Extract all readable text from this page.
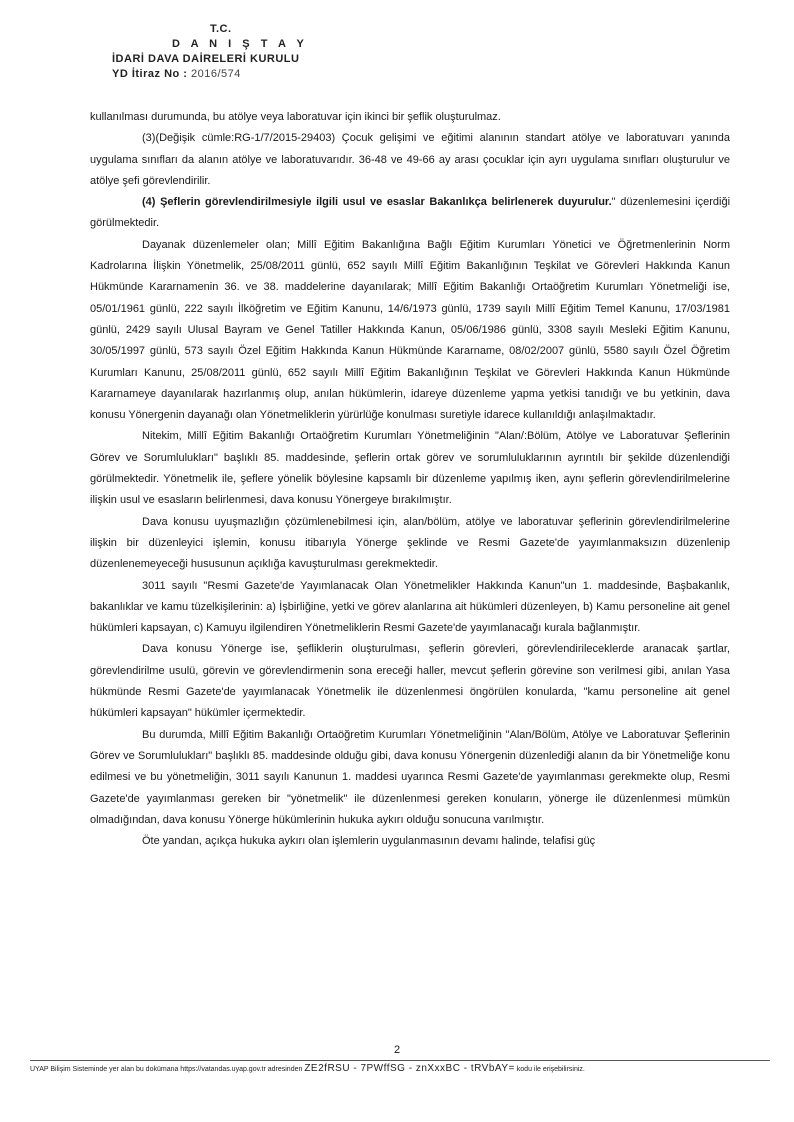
T.C.
D A N I Ş T A Y
İDARİ DAVA DAİRELERİ KURULU
YD İtiraz No : 2016/574

kullanılması durumunda, bu atölye veya laboratuvar için ikinci bir şeflik oluşturulmaz.

(3)(Değişik cümle:RG-1/7/2015-29403) Çocuk gelişimi ve eğitimi alanının standart atölye ve laboratuvarı yanında uygulama sınıfları da alanın atölye ve laboratuvarıdır. 36-48 ve 49-66 ay arası çocuklar için ayrı uygulama sınıfları oluşturulur ve atölye şefi görevlendirilir.

(4) Şeflerin görevlendirilmesiyle ilgili usul ve esaslar Bakanlıkça belirlenerek duyurulur." düzenlemesini içerdiği görülmektedir.

Dayanak düzenlemeler olan; Millî Eğitim Bakanlığına Bağlı Eğitim Kurumları Yönetici ve Öğretmenlerinin Norm Kadrolarına İlişkin Yönetmelik, 25/08/2011 günlü, 652 sayılı Millî Eğitim Bakanlığının Teşkilat ve Görevleri Hakkında Kanun Hükmünde Kararnamenin 36. ve 38. maddelerine dayanılarak; Millî Eğitim Bakanlığı Ortaöğretim Kurumları Yönetmeliği ise, 05/01/1961 günlü, 222 sayılı İlköğretim ve Eğitim Kanunu, 14/6/1973 günlü, 1739 sayılı Millî Eğitim Temel Kanunu, 17/03/1981 günlü, 2429 sayılı Ulusal Bayram ve Genel Tatiller Hakkında Kanun, 05/06/1986 günlü, 3308 sayılı Mesleki Eğitim Kanunu, 30/05/1997 günlü, 573 sayılı Özel Eğitim Hakkında Kanun Hükmünde Kararname, 08/02/2007 günlü, 5580 sayılı Özel Öğretim Kurumları Kanunu, 25/08/2011 günlü, 652 sayılı Millî Eğitim Bakanlığının Teşkilat ve Görevleri Hakkında Kanun Hükmünde Kararnameye dayanılarak hazırlanmış olup, anılan hükümlerin, idareye düzenleme yapma yetkisi tanıdığı ve bu yetkinin, dava konusu Yönergenin dayanağı olan Yönetmeliklerin yürürlüğe konulması suretiyle idarece kullanıldığı anlaşılmaktadır.

Nitekim, Millî Eğitim Bakanlığı Ortaöğretim Kurumları Yönetmeliğinin "Alan/:Bölüm, Atölye ve Laboratuvar Şeflerinin Görev ve Sorumlulukları" başlıklı 85. maddesinde, şeflerin ortak görev ve sorumluluklarının ayrıntılı bir şekilde düzenlendiği görülmektedir. Yönetmelik ile, şeflere yönelik böylesine kapsamlı bir düzenleme yapılmış iken, aynı şeflerin görevlendirilmelerine ilişkin usul ve esasların belirlenmesi, dava konusu Yönergeye bırakılmıştır.

Dava konusu uyuşmazlığın çözümlenebilmesi için, alan/bölüm, atölye ve laboratuvar şeflerinin görevlendirilmelerine ilişkin bir düzenleyici işlemin, konusu itibarıyla Yönerge şeklinde ve Resmi Gazete'de yayımlanmaksızın düzenlenip düzenlenemeyeceği hususunun açıklığa kavuşturulması gerekmektedir.

3011 sayılı "Resmi Gazete'de Yayımlanacak Olan Yönetmelikler Hakkında Kanun"un 1. maddesinde, Başbakanlık, bakanlıklar ve kamu tüzelkişilerinin: a) İşbirliğine, yetki ve görev alanlarına ait hükümleri düzenleyen, b) Kamu personeline ait genel hükümleri kapsayan, c) Kamuyu ilgilendiren Yönetmeliklerin Resmi Gazete'de yayımlanacağı kurala bağlanmıştır.

Dava konusu Yönerge ise, şefliklerin oluşturulması, şeflerin görevleri, görevlendirileceklerde aranacak şartlar, görevlendirilme usulü, görevin ve görevlendirmenin sona ereceği haller, mevcut şeflerin görevine son verilmesi gibi, anılan Yasa hükmünde Resmi Gazete'de yayımlanacak Yönetmelik ile düzenlenmesi öngörülen konularda, "kamu personeline ait genel hükümleri kapsayan" hükümler içermektedir.

Bu durumda, Millî Eğitim Bakanlığı Ortaöğretim Kurumları Yönetmeliğinin "Alan/Bölüm, Atölye ve Laboratuvar Şeflerinin Görev ve Sorumlulukları" başlıklı 85. maddesinde olduğu gibi, dava konusu Yönergenin düzenlediği alanın da bir Yönetmeliğe konu edilmesi ve bu yönetmeliğin, 3011 sayılı Kanunun 1. maddesi uyarınca Resmi Gazete'de yayımlanması gerekmekte olup, Resmi Gazete'de yayımlanması gereken bir "yönetmelik" ile düzenlenmesi gereken konuların, yönerge ile düzenlenmesi mümkün olmadığından, dava konusu Yönerge hükümlerinin hukuka aykırı olduğu sonucuna varılmıştır.

Öte yandan, açıkça hukuka aykırı olan işlemlerin uygulanmasının devamı halinde, telafisi güç

2
UYAP Bilişim Sisteminde yer alan bu dokümana https://vatandas.uyap.gov.tr adresinden ZE2fRSU - 7PWffSG - znXxxBC - tRVbAY= kodu ile erişebilirsiniz.
